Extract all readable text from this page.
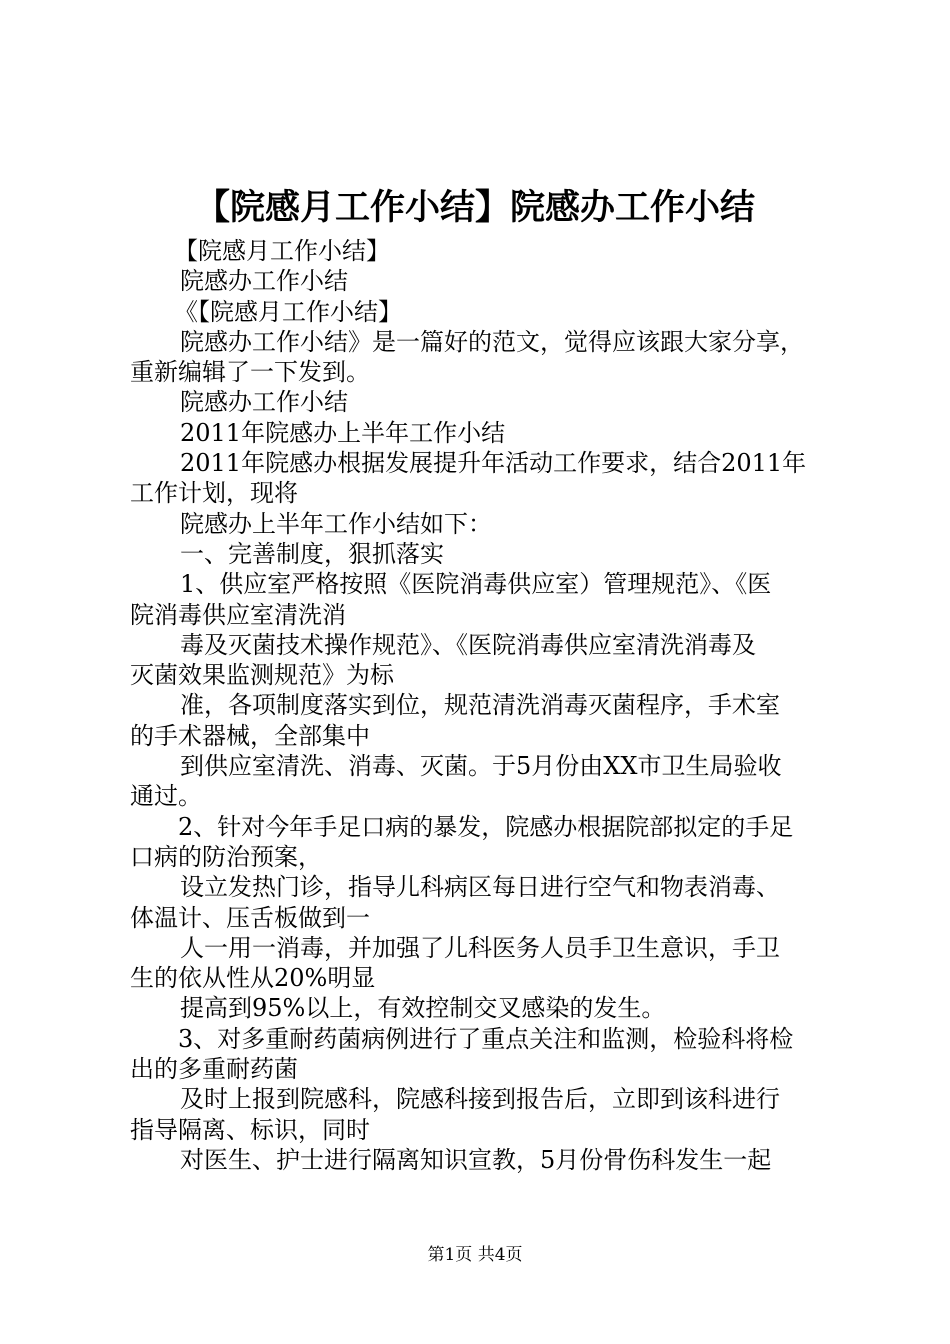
【院感月工作小结】院感办工作小结
【院感月工作小结】
院感办工作小结
《【院感月工作小结】
院感办工作小结》是一篇好的范文，觉得应该跟大家分享，
重新编辑了一下发到。
院感办工作小结
2011年院感办上半年工作小结
2011年院感办根据发展提升年活动工作要求，结合2011年
工作计划，现将
院感办上半年工作小结如下：
一、完善制度，狠抓落实
1、供应室严格按照《医院消毒供应室）管理规范》、《医
院消毒供应室清洗消
毒及灭菌技术操作规范》、《医院消毒供应室清洗消毒及
灭菌效果监测规范》为标
准，各项制度落实到位，规范清洗消毒灭菌程序，手术室
的手术器械，全部集中
到供应室清洗、消毒、灭菌。于5月份由XX市卫生局验收
通过。
2、针对今年手足口病的暴发，院感办根据院部拟定的手足
口病的防治预案，
设立发热门诊，指导儿科病区每日进行空气和物表消毒、
体温计、压舌板做到一
人一用一消毒，并加强了儿科医务人员手卫生意识，手卫
生的依从性从20%明显
提高到95%以上，有效控制交叉感染的发生。
3、对多重耐药菌病例进行了重点关注和监测，检验科将检
出的多重耐药菌
及时上报到院感科，院感科接到报告后，立即到该科进行
指导隔离、标识，同时
对医生、护士进行隔离知识宣教，5月份骨伤科发生一起
第1页 共4页
